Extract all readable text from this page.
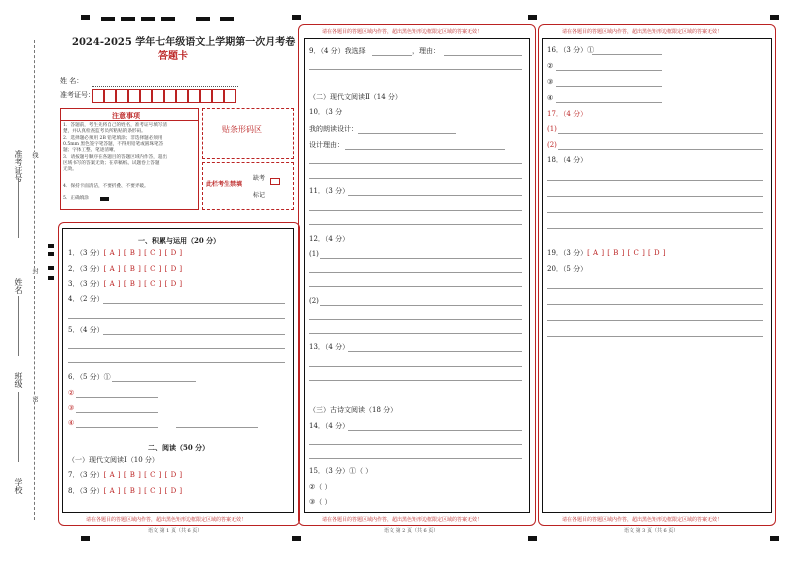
准考证号
姓名
班级
学校
线
封
密
2024-2025 学年七年级语文上学期第一次月考卷
答题卡
姓 名：
准考证号：
注意事项
1．答题前，考生先将自己的姓名，准考证号填写清
楚，并认真检查监考员所粘贴的条形码。
2．选择题必须用 2B 铅笔填涂；非选择题必须用
0.5mm 黑色签字笔答题，不得用铅笔或圆珠笔答
题；字体工整、笔迹清晰。
3．请按题号顺序在各题目的答题区域内作答，超出
区域书写的答案无效；在草稿纸、试题卷上答题
无效。
4．保持卡面清洁，不要折叠、不要弄破。
5．正确填涂
贴条形码区
此栏考生禁填
缺考
标记
一、积累与运用（20 分）
1．（3 分）[ A ] [ B ] [ C ] [ D ]
2．（3 分）[ A ] [ B ] [ C ] [ D ]
3．（3 分）[ A ] [ B ] [ C ] [ D ]
4．（2 分）
5．（4 分）
6．（5 分）①
②
③
④
二、阅读（50 分）
（一）现代文阅读Ⅰ（10 分）
7．（3 分）[ A ] [ B ] [ C ] [ D ]
8．（3 分）[ A ] [ B ] [ C ] [ D ]
请在各题目的答题区域内作答，超出黑色矩形边框限定区域的答案无效！
语文 第 1 页（共 6 页）
请在各题目的答题区域内作答，超出黑色矩形边框限定区域的答案无效！
9．（4 分）我选择	，理由：
（二）现代文阅读Ⅱ（14 分）
10．（3 分
我的朗读设计：
设计理由：
11．（3 分）
12．（4 分）
(1)
(2)
13．（4 分）
（三）古诗文阅读（18 分）
14．（4 分）
15．（3 分）①（ ）
②（ ）
③（ ）
请在各题目的答题区域内作答，超出黑色矩形边框限定区域的答案无效！
语文 第 2 页（共 6 页）
请在各题目的答题区域内作答，超出黑色矩形边框限定区域的答案无效！
16．（3 分）①
②
③
④
17．（4 分）
(1)
(2)
18．（4 分）
19．（3 分）[ A ] [ B ] [ C ] [ D ]
20．（5 分）
请在各题目的答题区域内作答，超出黑色矩形边框限定区域的答案无效！
语文 第 3 页（共 6 页）
